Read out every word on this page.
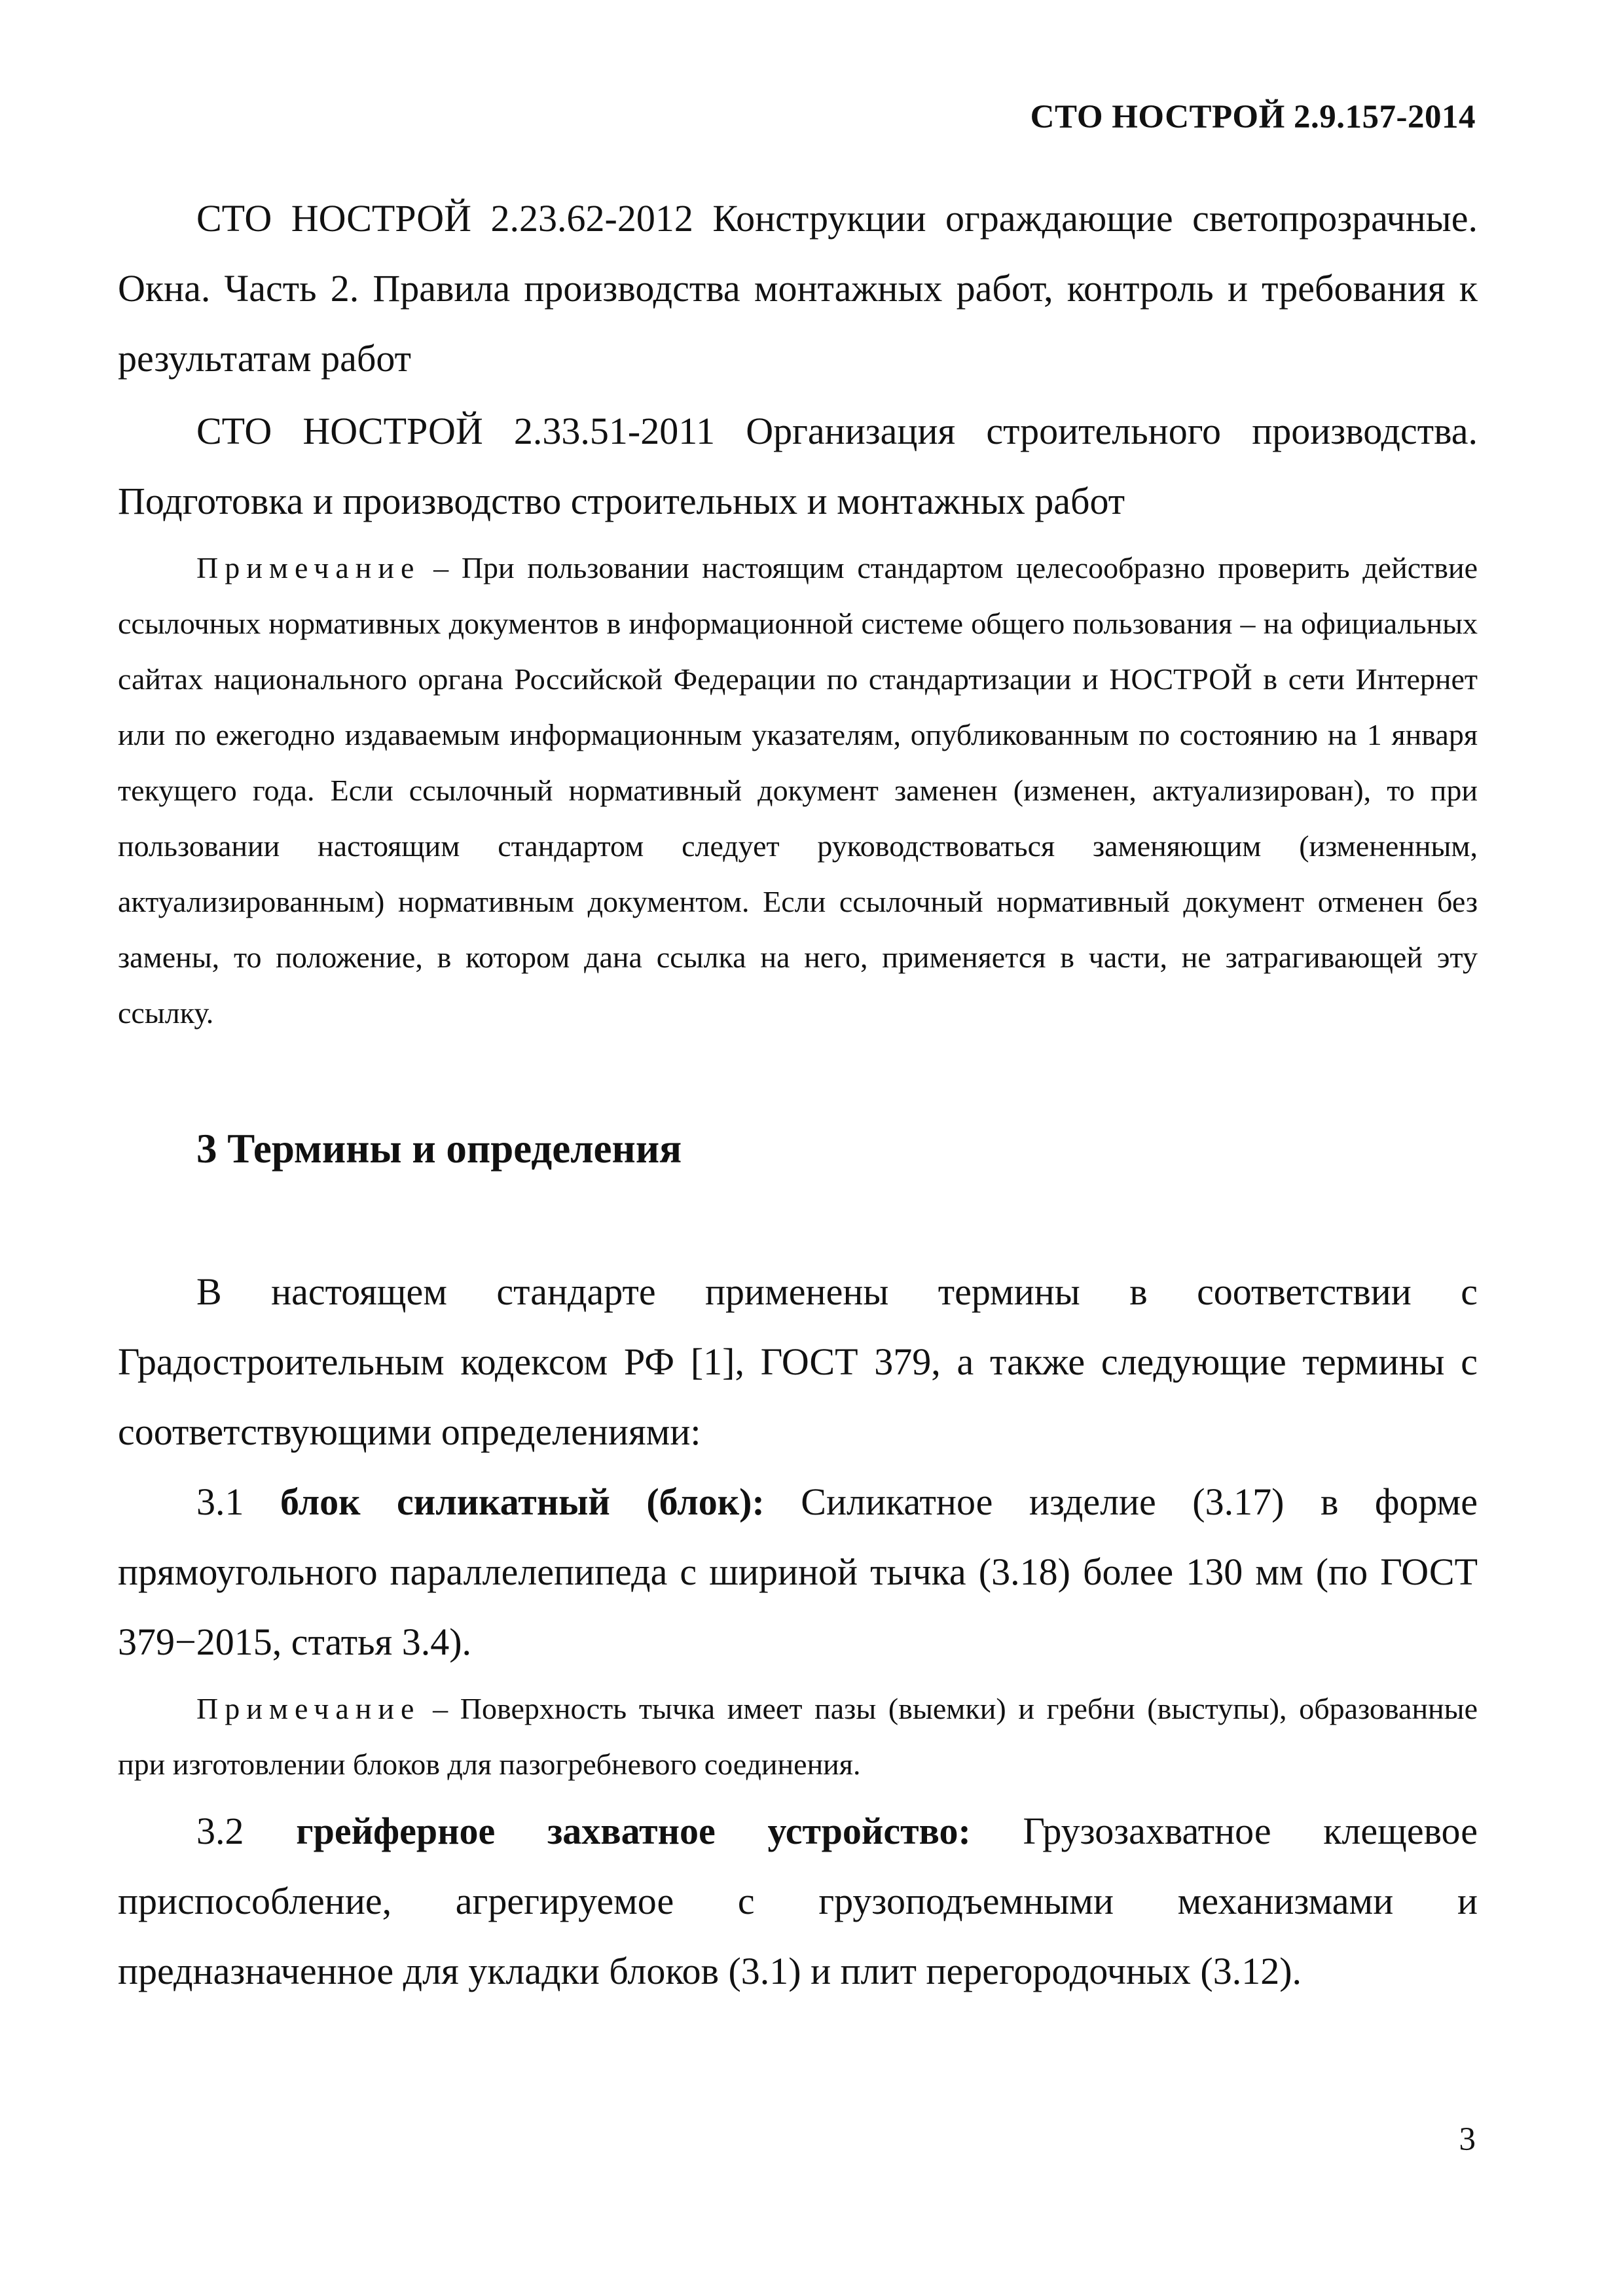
СТО НОСТРОЙ 2.9.157-2014

СТО НОСТРОЙ 2.23.62-2012 Конструкции ограждающие светопрозрачные. Окна. Часть 2. Правила производства монтажных работ, контроль и требования к результатам работ

СТО НОСТРОЙ 2.33.51-2011 Организация строительного производства. Подготовка и производство строительных и монтажных работ

Примечание – При пользовании настоящим стандартом целесообразно проверить действие ссылочных нормативных документов в информационной системе общего пользования – на официальных сайтах национального органа Российской Федерации по стандартизации и НОСТРОЙ в сети Интернет или по ежегодно издаваемым информационным указателям, опубликованным по состоянию на 1 января текущего года. Если ссылочный нормативный документ заменен (изменен, актуализирован), то при пользовании настоящим стандартом следует руководствоваться заменяющим (измененным, актуализированным) нормативным документом. Если ссылочный нормативный документ отменен без замены, то положение, в котором дана ссылка на него, применяется в части, не затрагивающей эту ссылку.

3 Термины и определения

В настоящем стандарте применены термины в соответствии с Градостроительным кодексом РФ [1], ГОСТ 379, а также следующие термины с соответствующими определениями:

3.1 блок силикатный (блок): Силикатное изделие (3.17) в форме прямоугольного параллелепипеда с шириной тычка (3.18) более 130 мм (по ГОСТ 379−2015, статья 3.4).

Примечание – Поверхность тычка имеет пазы (выемки) и гребни (выступы), образованные при изготовлении блоков для пазогребневого соединения.

3.2 грейферное захватное устройство: Грузозахватное клещевое приспособление, агрегируемое с грузоподъемными механизмами и предназначенное для укладки блоков (3.1) и плит перегородочных (3.12).

3
